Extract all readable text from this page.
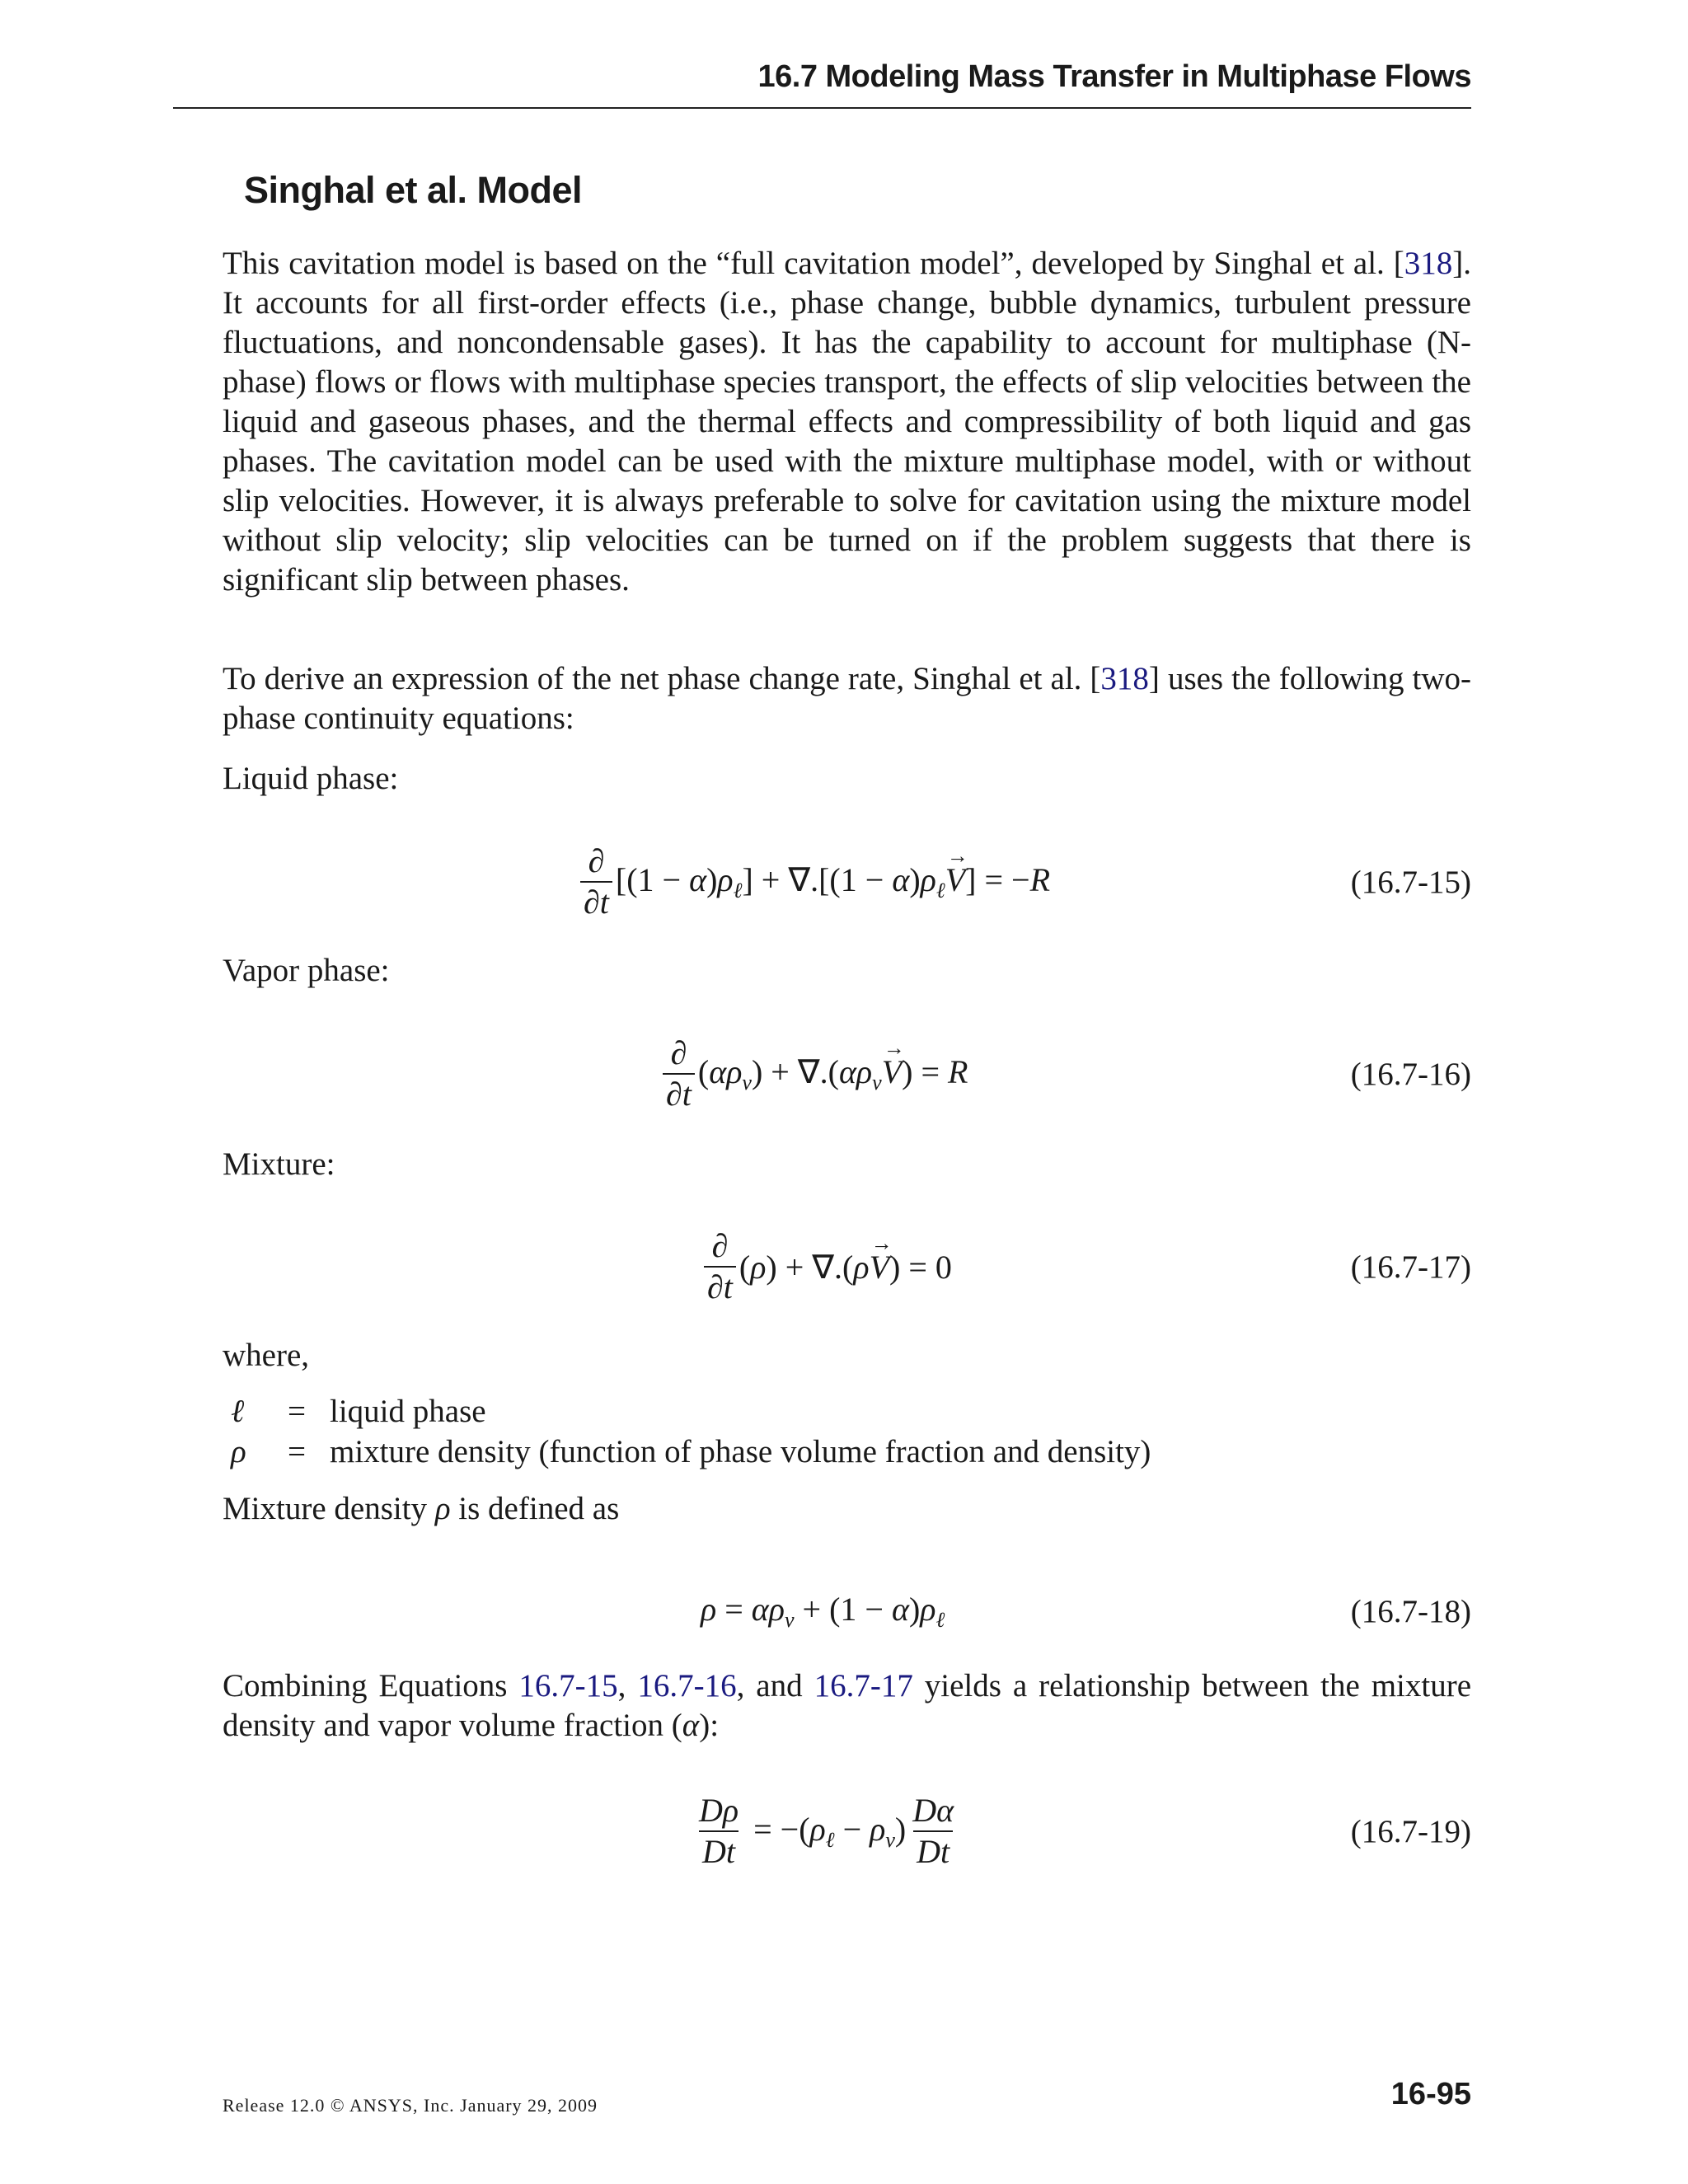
16.7 Modeling Mass Transfer in Multiphase Flows
Singhal et al. Model
This cavitation model is based on the “full cavitation model”, developed by Singhal et al. [318]. It accounts for all first-order effects (i.e., phase change, bubble dynamics, turbulent pressure fluctuations, and noncondensable gases). It has the capability to account for multiphase (N-phase) flows or flows with multiphase species transport, the effects of slip velocities between the liquid and gaseous phases, and the thermal effects and compressibility of both liquid and gas phases. The cavitation model can be used with the mixture multiphase model, with or without slip velocities. However, it is always preferable to solve for cavitation using the mixture model without slip velocity; slip velocities can be turned on if the problem suggests that there is significant slip between phases.
To derive an expression of the net phase change rate, Singhal et al. [318] uses the following two-phase continuity equations:
Liquid phase:
$\frac{\partial}{\partial t} [(1 - \alpha)\rho_\ell] + \nabla.[(1 - \alpha)\rho_\ell\to V] = -R$	(16.7-15)
Vapor phase:
$\frac{\partial}{\partial t} (\alpha\rho_v) + \nabla.(\alpha\rho_v\to V) = R$	(16.7-16)
Mixture:
$\frac{\partial}{\partial t} (\rho) + \nabla.(\rho\to V) = 0$	(16.7-17)
where,
ℓ	= liquid phase
ρ	= mixture density (function of phase volume fraction and density)
Mixture density ρ is defined as
$\rho = \alpha\rho_v + (1 - \alpha)\rho_\ell$	(16.7-18)
Combining Equations 16.7-15, 16.7-16, and 16.7-17 yields a relationship between the mixture density and vapor volume fraction (α):
$\frac{D\rho}{Dt} = -(\rho_\ell - \rho_v) \frac{D\alpha}{Dt}$	(16.7-19)
Release 12.0 © ANSYS, Inc. January 29, 2009	16-95
